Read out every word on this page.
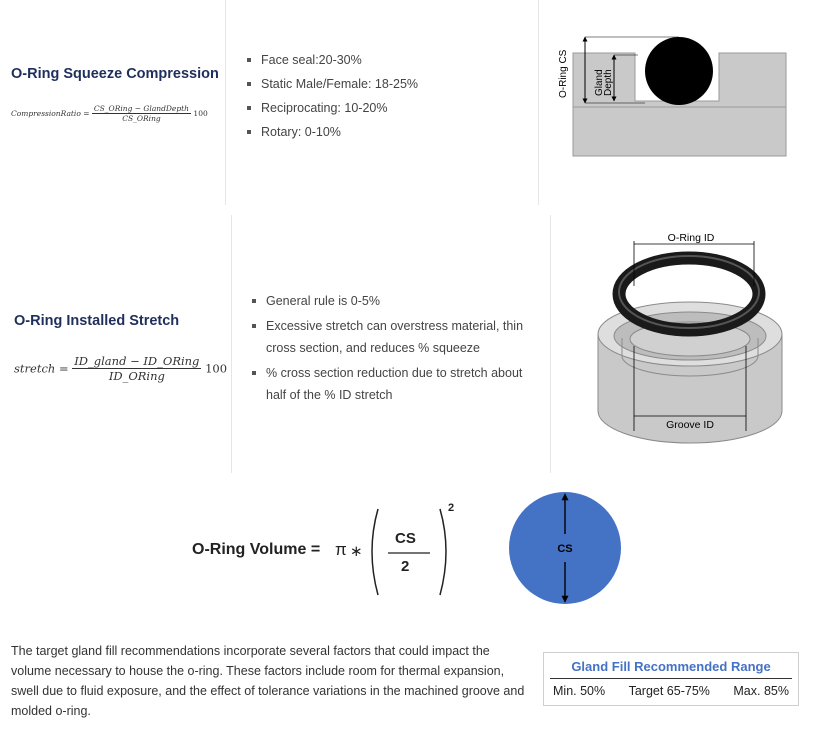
O-Ring Squeeze Compression
CompressionRatio = $\frac{\text{CS\_ORing − GlandDepth}}{\text{CS\_ORing}} 100$
Face seal:20-30%
Static Male/Female: 18-25%
Reciprocating: 10-20%
Rotary: 0-10%
O-Ring CS	Gland
Depth
O-Ring Installed Stretch
stretch = $\frac{\text{ID\_gland − ID\_ORing}}{\text{ID\_ORing}} 100$
General rule is 0-5%
Excessive stretch can overstress material, thin cross section, and reduces % squeeze
% cross section reduction due to stretch about half of the % ID stretch
O-Ring ID
Groove ID
O-Ring Volume = π ∗
CS
2
2
CS
The target gland fill recommendations incorporate several factors that could impact the volume necessary to house the o-ring. These factors include room for thermal expansion, swell due to fluid exposure, and the effect of tolerance variations in the machined groove and molded o-ring.
Gland Fill Recommended Range
Min. 50% Target 65-75% Max. 85%
